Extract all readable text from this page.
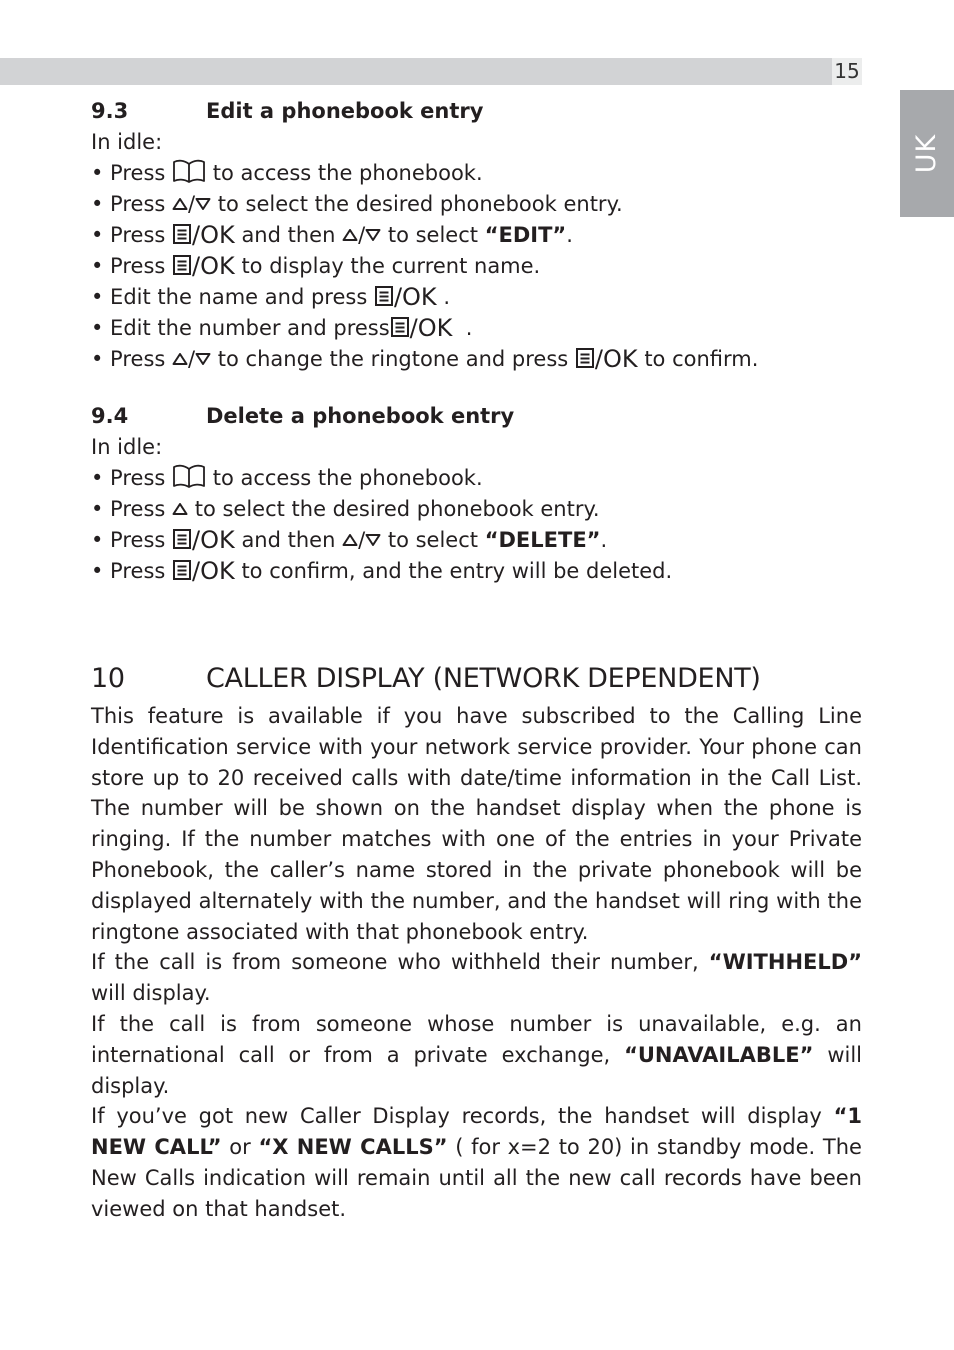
15
UK
9.3	Edit a phonebook entry
In idle:
• Press to access the phonebook.
• Press / to select the desired phonebook entry.
• Press /OK and then / to select “EDIT”.
• Press /OK to display the current name.
• Edit the name and press /OK .
• Edit the number and press /OK .
• Press / to change the ringtone and press /OK to confirm.
9.4	Delete a phonebook entry
In idle:
• Press to access the phonebook.
• Press to select the desired phonebook entry.
• Press /OK and then / to select “DELETE”.
• Press /OK to confirm, and the entry will be deleted.
10	CALLER DISPLAY (NETWORK DEPENDENT)

This feature is available if you have subscribed to the Calling Line Identification service with your network service provider. Your phone can store up to 20 received calls with date/time information in the Call List. The number will be shown on the handset display when the phone is ringing. If the number matches with one of the entries in your Private Phonebook, the caller’s name stored in the private phonebook will be displayed alternately with the number, and the handset will ring with the ringtone associated with that phonebook entry.

If the call is from someone who withheld their number, “WITHHELD” will display.

If the call is from someone whose number is unavailable, e.g. an international call or from a private exchange, “UNAVAILABLE” will display.

If you’ve got new Caller Display records, the handset will display “1 NEW CALL” or “X NEW CALLS” ( for x=2 to 20) in standby mode. The New Calls indication will remain until all the new call records have been viewed on that handset.
